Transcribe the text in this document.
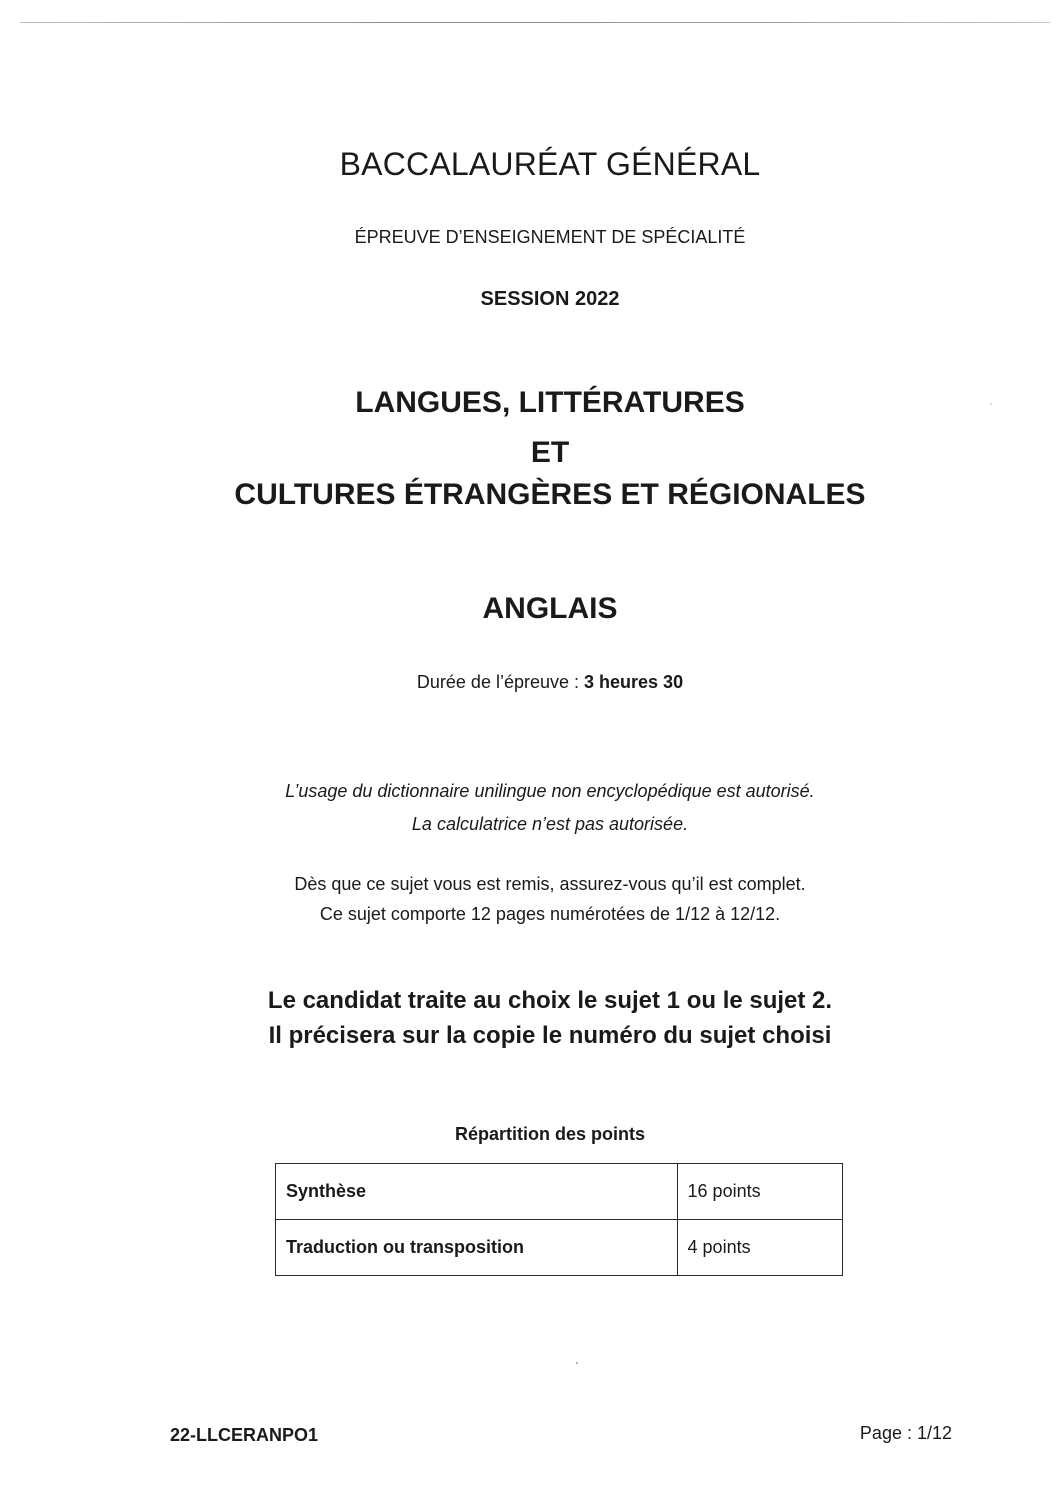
BACCALAURÉAT GÉNÉRAL
ÉPREUVE D’ENSEIGNEMENT DE SPÉCIALITÉ
SESSION 2022
LANGUES, LITTÉRATURES
ET
CULTURES ÉTRANGÈRES ET RÉGIONALES
ANGLAIS
Durée de l’épreuve : 3 heures 30
L’usage du dictionnaire unilingue non encyclopédique est autorisé.
La calculatrice n’est pas autorisée.
Dès que ce sujet vous est remis, assurez-vous qu’il est complet.
Ce sujet comporte 12 pages numérotées de 1/12 à 12/12.
Le candidat traite au choix le sujet 1 ou le sujet 2.
Il précisera sur la copie le numéro du sujet choisi
Répartition des points
Synthèse	16 points
Traduction ou transposition	4 points
22-LLCERANPO1	Page : 1/12
